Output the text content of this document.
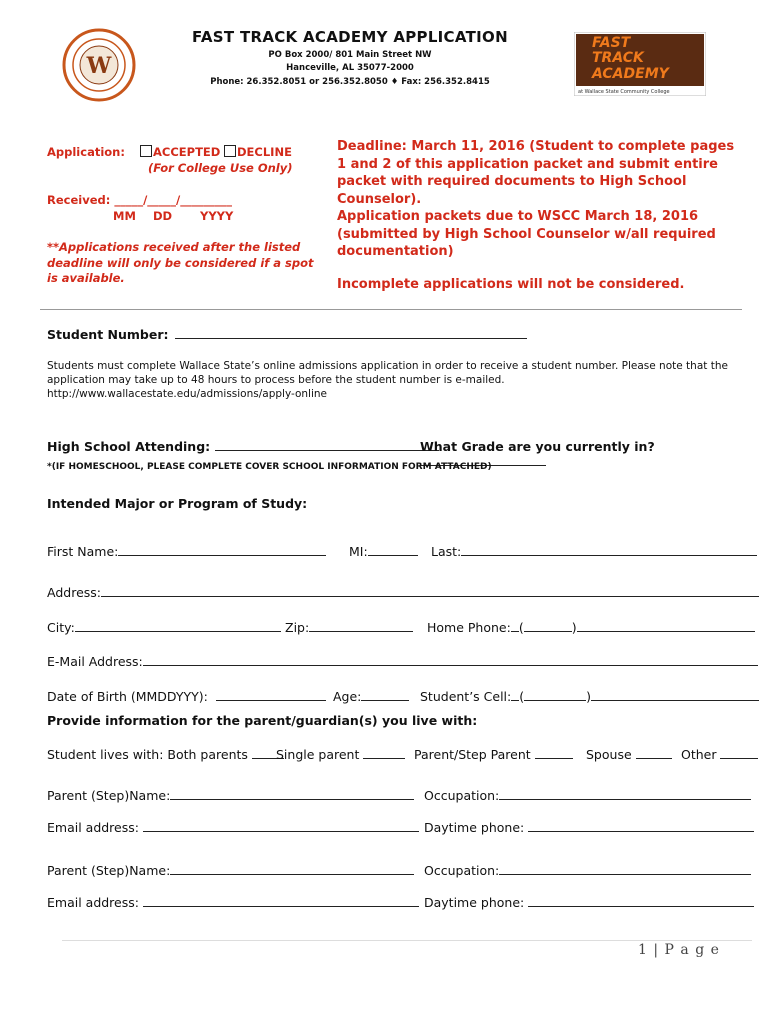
W
FAST TRACK ACADEMY APPLICATION
PO Box 2000/ 801 Main Street NW
Hanceville, AL 35077-2000
Phone: 26.352.8051 or 256.352.8050 ♦ Fax: 256.352.8415
FAST
TRACK
ACADEMY
at Wallace State Community College
Application:	ACCEPTED	DECLINE
(For College Use Only)
Received: _____/_____/_________
MM DD YYYY
**Applications received after the listed deadline will only be considered if a spot is available.
Deadline: March 11, 2016 (Student to complete pages 1 and 2 of this application packet and submit entire packet with required documents to High School Counselor).
Application packets due to WSCC March 18, 2016 (submitted by High School Counselor w/all required documentation)
Incomplete applications will not be considered.
Student Number:
Students must complete Wallace State’s online admissions application in order to receive a student number. Please note that the application may take up to 48 hours to process before the student number is e-mailed.
http://www.wallacestate.edu/admissions/apply-online
High School Attending:	What Grade are you currently in?
*(IF HOMESCHOOL, PLEASE COMPLETE COVER SCHOOL INFORMATION FORM ATTACHED)
Intended Major or Program of Study:
First Name:	MI:	Last:
Address:
City:	Zip:	Home Phone: (	)
E-Mail Address:
Date of Birth (MMDDYYY):	Age:	Student’s Cell: (	)
Provide information for the parent/guardian(s) you live with:
Student lives with: Both parents	Single parent	Parent/Step Parent	Spouse	Other
Parent (Step)Name:	Occupation:
Email address:	Daytime phone:
Parent (Step)Name:	Occupation:
Email address:	Daytime phone:
1 | P a g e
